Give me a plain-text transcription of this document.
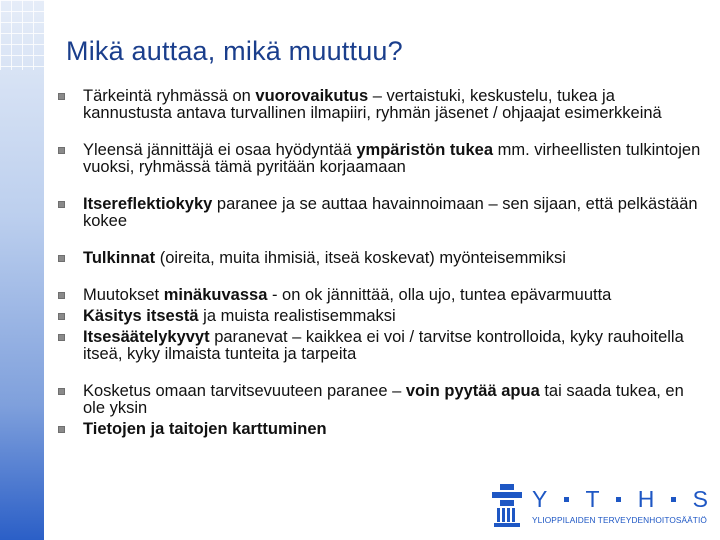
Mikä auttaa, mikä muuttuu?
Tärkeintä ryhmässä on vuorovaikutus – vertaistuki, keskustelu, tukea ja kannustusta antava turvallinen ilmapiiri, ryhmän jäsenet / ohjaajat esimerkkeinä
Yleensä jännittäjä ei osaa hyödyntää ympäristön tukea mm. virheellisten tulkintojen vuoksi, ryhmässä tämä pyritään korjaamaan
Itsereflektiokyky paranee ja se auttaa havainnoimaan – sen sijaan, että pelkästään kokee
Tulkinnat (oireita, muita ihmisiä, itseä koskevat) myönteisemmiksi
Muutokset minäkuvassa - on ok jännittää, olla ujo, tuntea epävarmuutta
Käsitys itsestä ja muista realistisemmaksi
Itsesäätelykyvyt paranevat – kaikkea ei voi / tarvitse kontrolloida, kyky rauhoitella itseä, kyky ilmaista tunteita ja tarpeita
Kosketus omaan tarvitsevuuteen paranee – voin pyytää apua tai saada tukea, en ole yksin
Tietojen ja taitojen karttuminen
Y T H S
YLIOPPILAIDEN TERVEYDENHOITOSÄÄTIÖ
